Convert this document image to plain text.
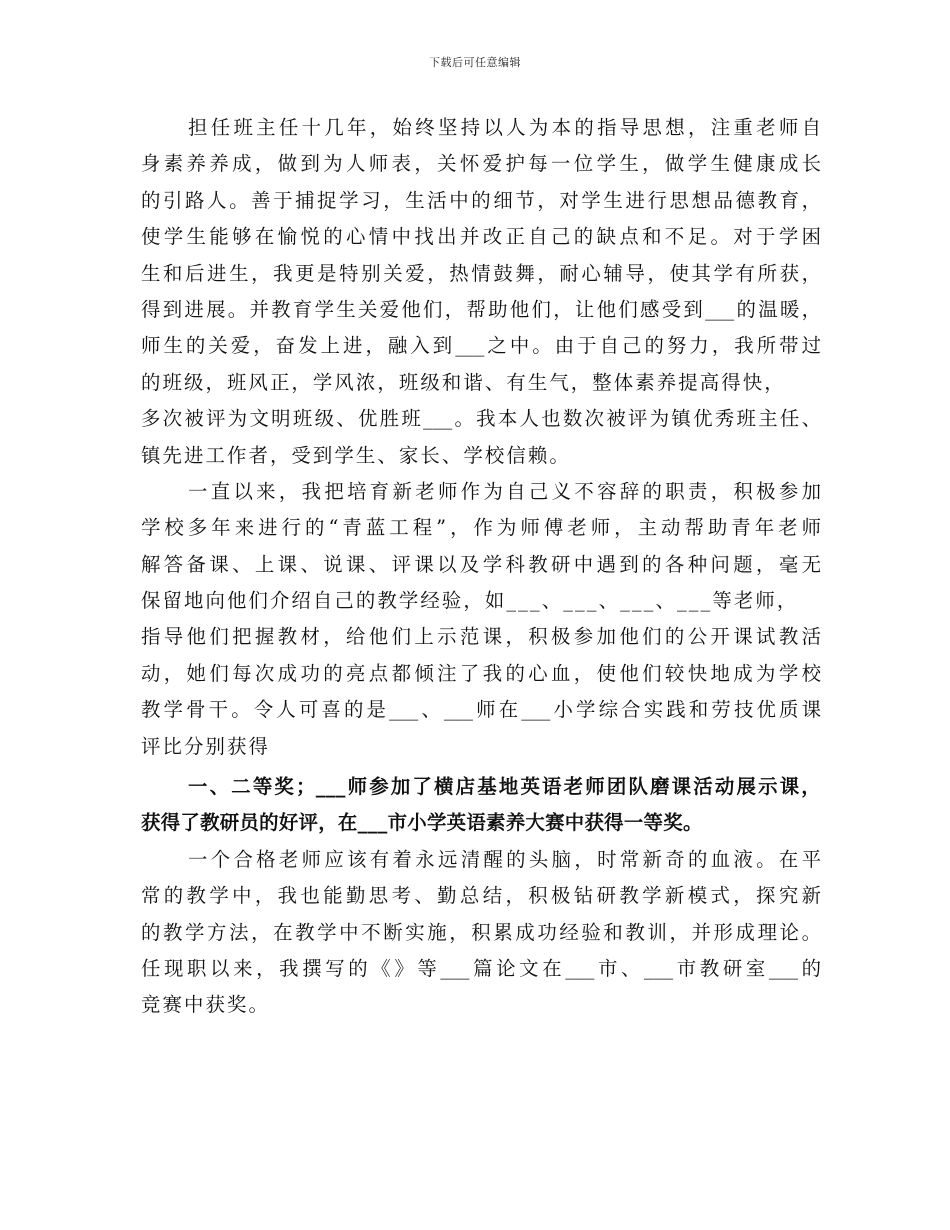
下载后可任意编辑
担任班主任十几年，始终坚持以人为本的指导思想，注重老师自
身素养养成，做到为人师表，关怀爱护每一位学生，做学生健康成长
的引路人。善于捕捉学习，生活中的细节，对学生进行思想品德教育，
使学生能够在愉悦的心情中找出并改正自己的缺点和不足。对于学困
生和后进生，我更是特别关爱，热情鼓舞，耐心辅导，使其学有所获，
得到进展。并教育学生关爱他们，帮助他们，让他们感受到___的温暖，
师生的关爱，奋发上进，融入到___之中。由于自己的努力，我所带过
的班级，班风正，学风浓，班级和谐、有生气，整体素养提高得快，
多次被评为文明班级、优胜班___。我本人也数次被评为镇优秀班主任、
镇先进工作者，受到学生、家长、学校信赖。
一直以来，我把培育新老师作为自己义不容辞的职责，积极参加
学校多年来进行的“青蓝工程”，作为师傅老师，主动帮助青年老师
解答备课、上课、说课、评课以及学科教研中遇到的各种问题，毫无
保留地向他们介绍自己的教学经验，如___、___、___、___等老师，
指导他们把握教材，给他们上示范课，积极参加他们的公开课试教活
动，她们每次成功的亮点都倾注了我的心血，使他们较快地成为学校
教学骨干。令人可喜的是___、___师在___小学综合实践和劳技优质课
评比分别获得
一、二等奖；___师参加了横店基地英语老师团队磨课活动展示课，
获得了教研员的好评，在___市小学英语素养大赛中获得一等奖。
一个合格老师应该有着永远清醒的头脑，时常新奇的血液。在平
常的教学中，我也能勤思考、勤总结，积极钻研教学新模式，探究新
的教学方法，在教学中不断实施，积累成功经验和教训，并形成理论。
任现职以来，我撰写的《》等___篇论文在___市、___市教研室___的
竞赛中获奖。
